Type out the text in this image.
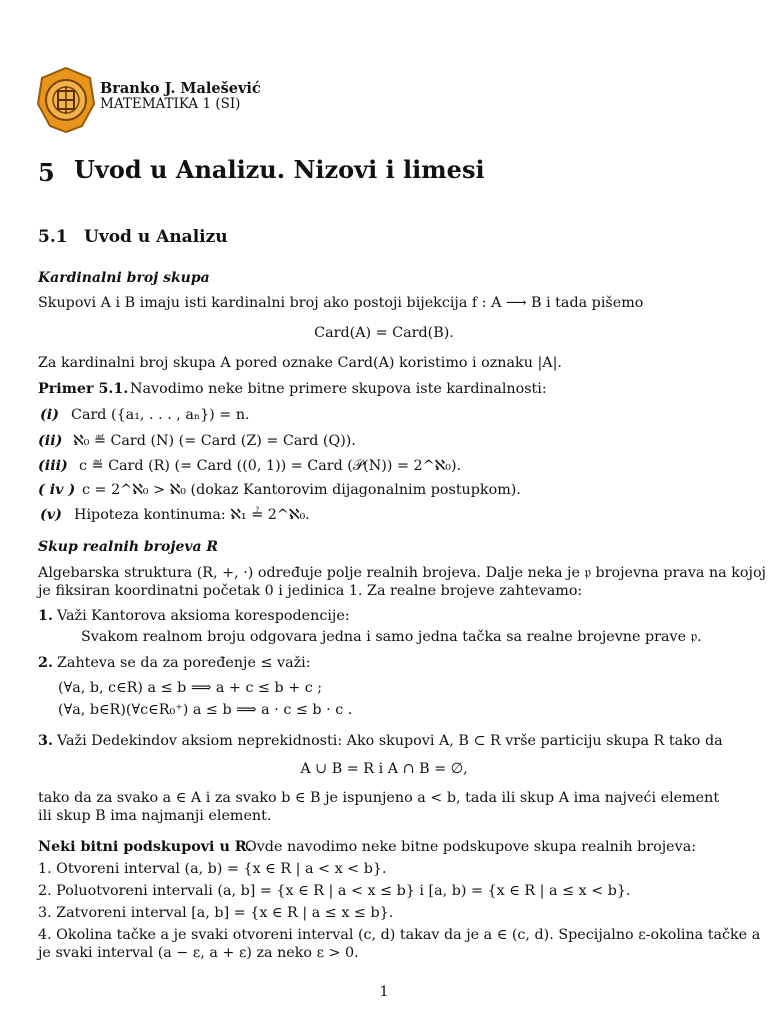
Branko J. Malešević
MATEMATIKA 1 (SI)
5 Uvod u Analizu. Nizovi i limesi
5.1 Uvod u Analizu
Kardinalni broj skupa
Skupovi A i B imaju isti kardinalni broj ako postoji bijekcija f : A ⟶ B i tada pišemo
Card(A) = Card(B).
Za kardinalni broj skupa A pored oznake Card(A) koristimo i oznaku |A|.
Primer 5.1. Navodimo neke bitne primere skupova iste kardinalnosti:
(i) Card ({a₁, . . . , aₙ}) = n.
(ii) ℵ₀ ≝ Card (N) (= Card (Z) = Card (Q)).
(iii) c ≝ Card (R) (= Card ((0, 1)) = Card (𝒫(N)) = 2^ℵ₀).
( iv ) c = 2^ℵ₀ > ℵ₀ (dokaz Kantorovim dijagonalnim postupkom).
(v) Hipoteza kontinuma: ℵ₁ ≟ 2^ℵ₀.
Skup realnih brojeva R
Algebarska struktura (R, +, ·) određuje polje realnih brojeva. Dalje neka je 𝔭 brojevna prava na kojoj
je fiksiran koordinatni početak 0 i jedinica 1. Za realne brojeve zahtevamo:
1. Važi Kantorova aksioma korespodencije:
Svakom realnom broju odgovara jedna i samo jedna tačka sa realne brojevne prave 𝔭.
2. Zahteva se da za poređenje ≤ važi:
(∀a, b, c∈R) a ≤ b ⟹ a + c ≤ b + c ;
(∀a, b∈R)(∀c∈R₀⁺) a ≤ b ⟹ a · c ≤ b · c .
3. Važi Dedekindov aksiom neprekidnosti: Ako skupovi A, B ⊂ R vrše particiju skupa R tako da
A ∪ B = R i A ∩ B = ∅,
tako da za svako a ∈ A i za svako b ∈ B je ispunjeno a < b, tada ili skup A ima najveći element
ili skup B ima najmanji element.
Neki bitni podskupovi u R.
Ovde navodimo neke bitne podskupove skupa realnih brojeva:
1. Otvoreni interval (a, b) = {x ∈ R | a < x < b}.
2. Poluotvoreni intervali (a, b] = {x ∈ R | a < x ≤ b} i [a, b) = {x ∈ R | a ≤ x < b}.
3. Zatvoreni interval [a, b] = {x ∈ R | a ≤ x ≤ b}.
4. Okolina tačke a je svaki otvoreni interval (c, d) takav da je a ∈ (c, d). Specijalno ε-okolina tačke a
je svaki interval (a − ε, a + ε) za neko ε > 0.
1
